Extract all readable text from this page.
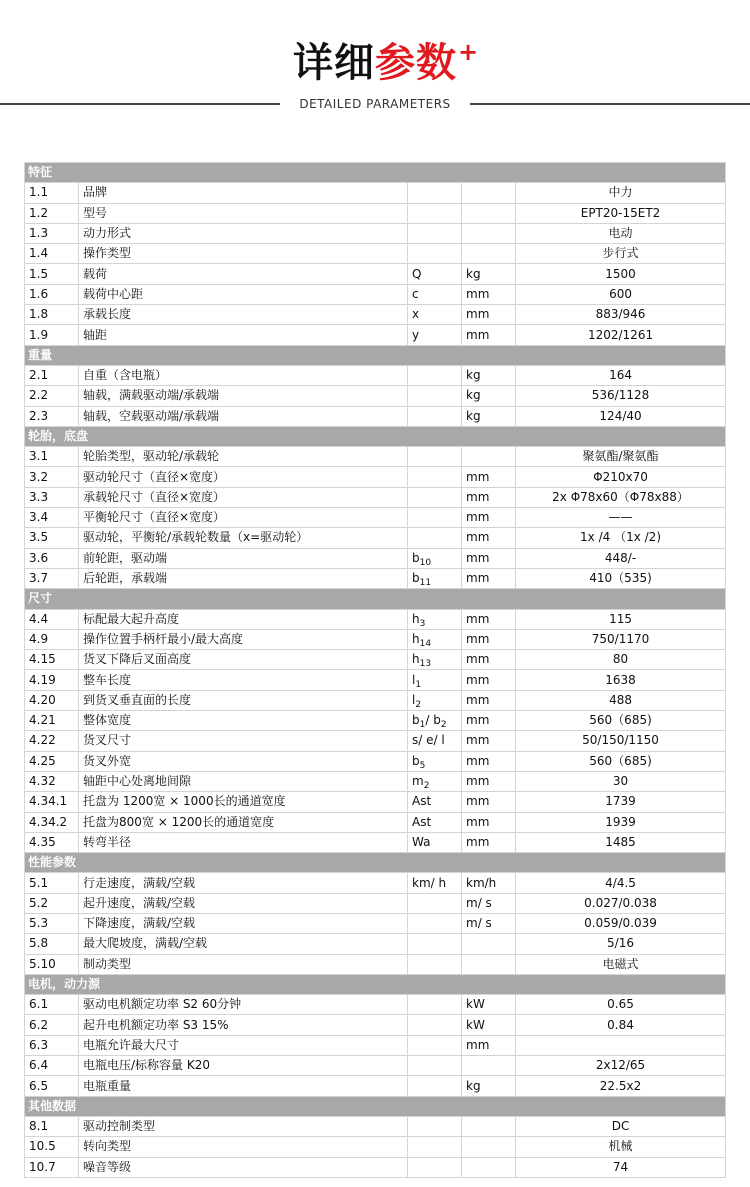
详细参数 +
DETAILED PARAMETERS
特征				
1.1	品牌			中力
1.2	型号			EPT20-15ET2
1.3	动力形式			电动
1.4	操作类型			步行式
1.5	载荷	Q	kg	1500
1.6	载荷中心距	c	mm	600
1.8	承载长度	x	mm	883/946
1.9	轴距	y	mm	1202/1261
重量				
2.1	自重（含电瓶）		kg	164
2.2	轴载，满载驱动端/承载端		kg	536/1128
2.3	轴载，空载驱动端/承载端		kg	124/40
轮胎，底盘				
3.1	轮胎类型，驱动轮/承载轮			聚氨酯/聚氨酯
3.2	驱动轮尺寸（直径×宽度）		mm	Φ210x70
3.3	承载轮尺寸（直径×宽度）		mm	2x Φ78x60（Φ78x88）
3.4	平衡轮尺寸（直径×宽度）		mm	——
3.5	驱动轮，平衡轮/承载轮数量（x=驱动轮）		mm	1x /4 （1x /2)
3.6	前轮距，驱动端	$b_{10}$	mm	448/-
3.7	后轮距，承载端	$b_{11}$	mm	410（535)
尺寸				
4.4	标配最大起升高度	$h_3$	mm	115
4.9	操作位置手柄杆最小/最大高度	$h_{14}$	mm	750/1170
4.15	货叉下降后叉面高度	$h_{13}$	mm	80
4.19	整车长度	$l_1$	mm	1638
4.20	到货叉垂直面的长度	$l_2$	mm	488
4.21	整体宽度	$b_1/$ $b_2$	mm	560（685)
4.22	货叉尺寸	s/ e/ l	mm	50/150/1150
4.25	货叉外宽	$b_5$	mm	560（685)
4.32	轴距中心处离地间隙	$m_2$	mm	30
4.34.1	托盘为 1200宽 × 1000长的通道宽度	Ast	mm	1739
4.34.2	托盘为800宽 × 1200长的通道宽度	Ast	mm	1939
4.35	转弯半径	Wa	mm	1485
性能参数				
5.1	行走速度，满载/空载	km/ h	km/h	4/4.5
5.2	起升速度，满载/空载		m/ s	0.027/0.038
5.3	下降速度，满载/空载		m/ s	0.059/0.039
5.8	最大爬坡度，满载/空载			5/16
5.10	制动类型			电磁式
电机，动力源				
6.1	驱动电机额定功率 S2 60分钟		kW	0.65
6.2	起升电机额定功率 S3 15%		kW	0.84
6.3	电瓶允许最大尺寸		mm	
6.4	电瓶电压/标称容量 K20			2x12/65
6.5	电瓶重量		kg	22.5x2
其他数据				
8.1	驱动控制类型			DC
10.5	转向类型			机械
10.7	噪音等级			74
